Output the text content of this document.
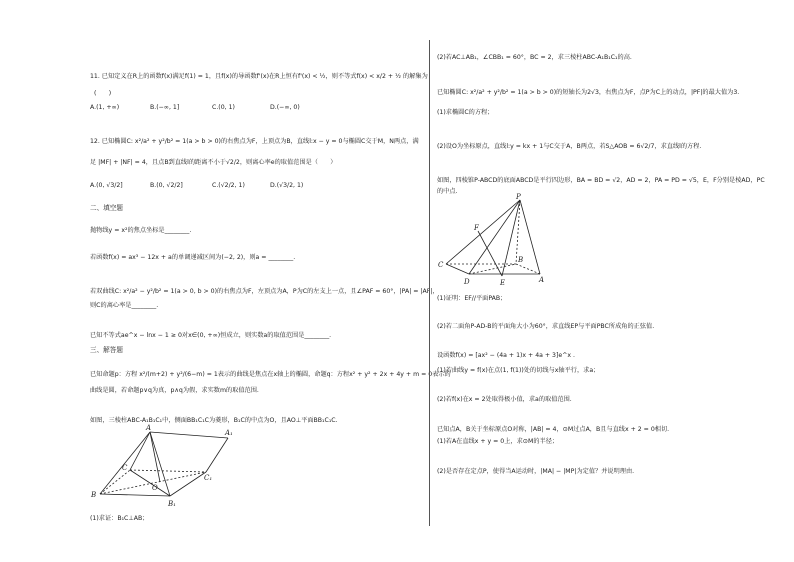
11. 已知定义在R上的函数f(x)满足f(1) = 1，且f(x)的导函数f'(x)在R上恒有f'(x) < ½，则不等式f(x) < x/2 + ½ 的解集为
(　　)
A.(1, +∞)	B.(−∞, 1]	C.(0, 1)	D.(−∞, 0)
12. 已知椭圆C: x²/a² + y²/b² = 1(a > b > 0)的右焦点为F，上顶点为B，直线l:x − y = 0与椭圆C交于M，N两点，满
足 |MF| + |NF| = 4，且点B到直线l的距离不小于√2/2，则离心率e的取值范围是（　　）
A.(0, √3/2]	B.(0, √2/2]	C.(√2/2, 1)	D.(√3/2, 1)
二、填空题
抛物线y = x²的焦点坐标是________.
若函数f(x) = ax³ − 12x + a的单调递减区间为(−2, 2)，则a = ________.
若双曲线C: x²/a² − y²/b² = 1(a > 0, b > 0)的右焦点为F，左顶点为A，P为C的左支上一点，且∠PAF = 60°，|PA| = |AF|，
则C的离心率是________.
已知不等式ae^x − lnx − 1 ≥ 0对x∈(0, +∞)恒成立，则实数a的取值范围是________.
三、解答题
已知命题p：方程 x²/(m+2) + y²/(6−m) = 1表示的曲线是焦点在x轴上的椭圆，命题q：方程x² + y² + 2x + 4y + m = 0表示的
曲线是圆，若命题p∨q为真，p∧q为假，求实数m的取值范围.
如图，三棱柱ABC-A₁B₁C₁中，侧面BB₁C₁C为菱形，B₁C的中点为O，且AO⊥平面BB₁C₁C.
A
A₁
C
O
C₁
B
B₁
(1)求证：B₁C⊥AB；
(2)若AC⊥AB₁，∠CBB₁ = 60°，BC = 2，求三棱柱ABC-A₁B₁C₁的高.
已知椭圆C: x²/a² + y²/b² = 1(a > b > 0)的短轴长为2√3，右焦点为F，点P为C上的动点，|PF|的最大值为3.
(1)求椭圆C的方程；
(2)设O为坐标原点，直线l:y = kx + 1与C交于A，B两点，若S△AOB = 6√2/7，求直线l的方程.
如图，四棱锥P-ABCD的底面ABCD是平行四边形，BA = BD = √2，AD = 2，PA = PD = √5，E，F分别是棱AD，PC
的中点.
P
F
C
B
D	E	A
(1)证明：EF//平面PAB；
(2)若二面角P-AD-B的平面角大小为60°，求直线EP与平面PBC所成角的正弦值.
设函数f(x) = [ax² − (4a + 1)x + 4a + 3]e^x .
(1)若曲线y = f(x)在点(1, f(1))处的切线与x轴平行，求a；
(2)若f(x)在x = 2处取得极小值，求a的取值范围.
已知点A，B关于坐标原点O对称，|AB| = 4，⊙M过点A，B且与直线x + 2 = 0相切.
(1)若A在直线x + y = 0上，求⊙M的半径；
(2)是否存在定点P，使得当A运动时，|MA| − |MP|为定值？并说明理由.
